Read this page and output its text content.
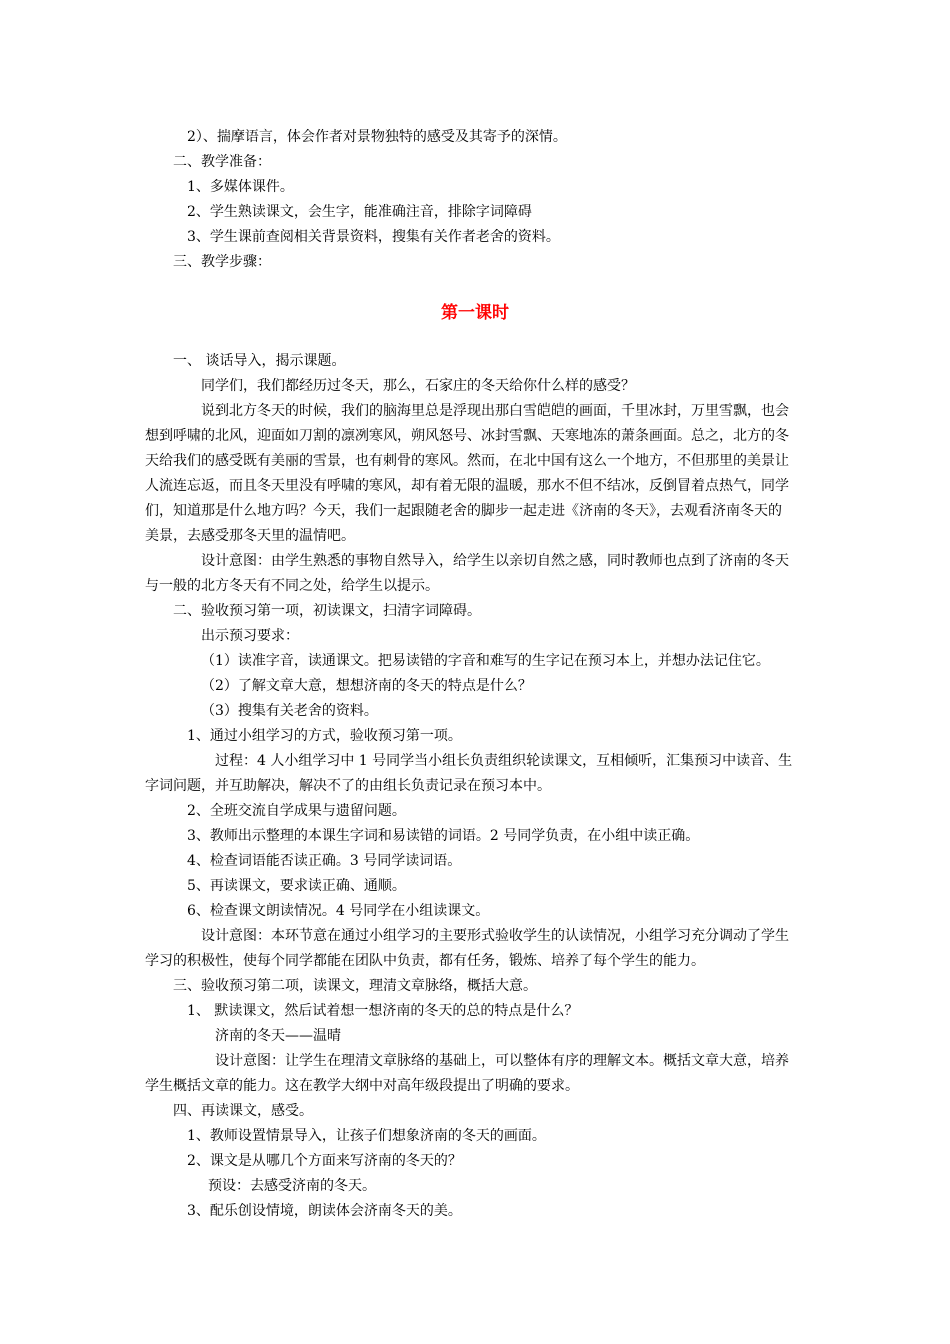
2）、揣摩语言，体会作者对景物独特的感受及其寄予的深情。
二、教学准备：
1、多媒体课件。
2、学生熟读课文，会生字，能准确注音，排除字词障碍
3、学生课前查阅相关背景资料，搜集有关作者老舍的资料。
三、教学步骤：
第一课时
一、 谈话导入，揭示课题。
同学们，我们都经历过冬天，那么，石家庄的冬天给你什么样的感受？
说到北方冬天的时候，我们的脑海里总是浮现出那白雪皑皑的画面，千里冰封，万里雪飘，也会
想到呼啸的北风，迎面如刀割的凛冽寒风，朔风怒号、冰封雪飘、天寒地冻的萧条画面。总之，北方的冬
天给我们的感受既有美丽的雪景，也有刺骨的寒风。然而，在北中国有这么一个地方，不但那里的美景让
人流连忘返，而且冬天里没有呼啸的寒风，却有着无限的温暖，那水不但不结冰，反倒冒着点热气，同学
们，知道那是什么地方吗？今天，我们一起跟随老舍的脚步一起走进《济南的冬天》，去观看济南冬天的
美景，去感受那冬天里的温情吧。
设计意图：由学生熟悉的事物自然导入，给学生以亲切自然之感，同时教师也点到了济南的冬天
与一般的北方冬天有不同之处，给学生以提示。
二、验收预习第一项，初读课文，扫清字词障碍。
出示预习要求：
（1）读准字音，读通课文。把易读错的字音和难写的生字记在预习本上，并想办法记住它。
（2）了解文章大意，想想济南的冬天的特点是什么？
（3）搜集有关老舍的资料。
1、通过小组学习的方式，验收预习第一项。
过程：4 人小组学习中 1 号同学当小组长负责组织轮读课文，互相倾听，汇集预习中读音、生
字词问题，并互助解决，解决不了的由组长负责记录在预习本中。
2、全班交流自学成果与遗留问题。
3、教师出示整理的本课生字词和易读错的词语。2 号同学负责，在小组中读正确。
4、检查词语能否读正确。3 号同学读词语。
5、再读课文，要求读正确、通顺。
6、检查课文朗读情况。4 号同学在小组读课文。
设计意图：本环节意在通过小组学习的主要形式验收学生的认读情况，小组学习充分调动了学生
学习的积极性，使每个同学都能在团队中负责，都有任务，锻炼、培养了每个学生的能力。
三、验收预习第二项，读课文，理清文章脉络，概括大意。
1、 默读课文，然后试着想一想济南的冬天的总的特点是什么？
济南的冬天——温晴
设计意图：让学生在理清文章脉络的基础上，可以整体有序的理解文本。概括文章大意，培养
学生概括文章的能力。这在教学大纲中对高年级段提出了明确的要求。
四、再读课文，感受。
1、教师设置情景导入，让孩子们想象济南的冬天的画面。
2、课文是从哪几个方面来写济南的冬天的？
预设：去感受济南的冬天。
3、配乐创设情境，朗读体会济南冬天的美。
